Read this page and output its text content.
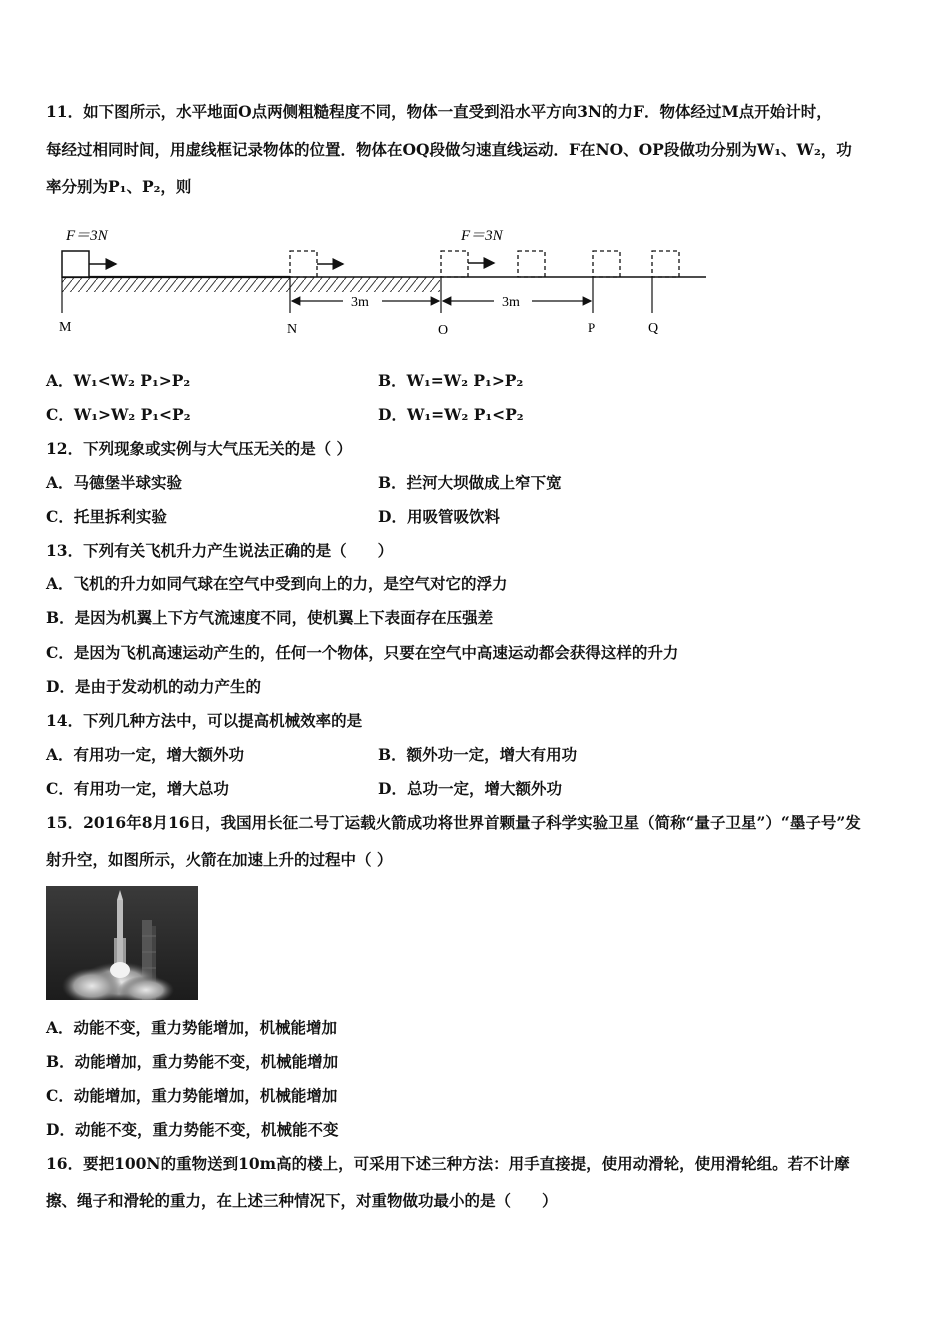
11．如下图所示，水平地面O点两侧粗糙程度不同，物体一直受到沿水平方向3N的力F．物体经过M点开始计时，
每经过相同时间，用虚线框记录物体的位置．物体在OQ段做匀速直线运动．F在NO、OP段做功分别为W₁、W₂，功
率分别为P₁、P₂，则
F＝3N	F＝3N
3m	3m
M	N	O	P	Q
A．W₁<W₂ P₁>P₂	B．W₁=W₂ P₁>P₂
C．W₁>W₂ P₁<P₂	D．W₁=W₂ P₁<P₂
12．下列现象或实例与大气压无关的是（ ）
A．马德堡半球实验	B．拦河大坝做成上窄下宽
C．托里拆利实验	D．用吸管吸饮料
13．下列有关飞机升力产生说法正确的是（　　）
A．飞机的升力如同气球在空气中受到向上的力，是空气对它的浮力
B．是因为机翼上下方气流速度不同，使机翼上下表面存在压强差
C．是因为飞机高速运动产生的，任何一个物体，只要在空气中高速运动都会获得这样的升力
D．是由于发动机的动力产生的
14．下列几种方法中，可以提高机械效率的是
A．有用功一定，增大额外功	B．额外功一定，增大有用功
C．有用功一定，增大总功	D．总功一定，增大额外功
15．2016年8月16日，我国用长征二号丁运载火箭成功将世界首颗量子科学实验卫星（简称“量子卫星”）“墨子号”发
射升空，如图所示，火箭在加速上升的过程中（ ）
A．动能不变，重力势能增加，机械能增加
B．动能增加，重力势能不变，机械能增加
C．动能增加，重力势能增加，机械能增加
D．动能不变，重力势能不变，机械能不变
16．要把100N的重物送到10m高的楼上，可采用下述三种方法：用手直接提，使用动滑轮，使用滑轮组。若不计摩
擦、绳子和滑轮的重力，在上述三种情况下，对重物做功最小的是（　　）
